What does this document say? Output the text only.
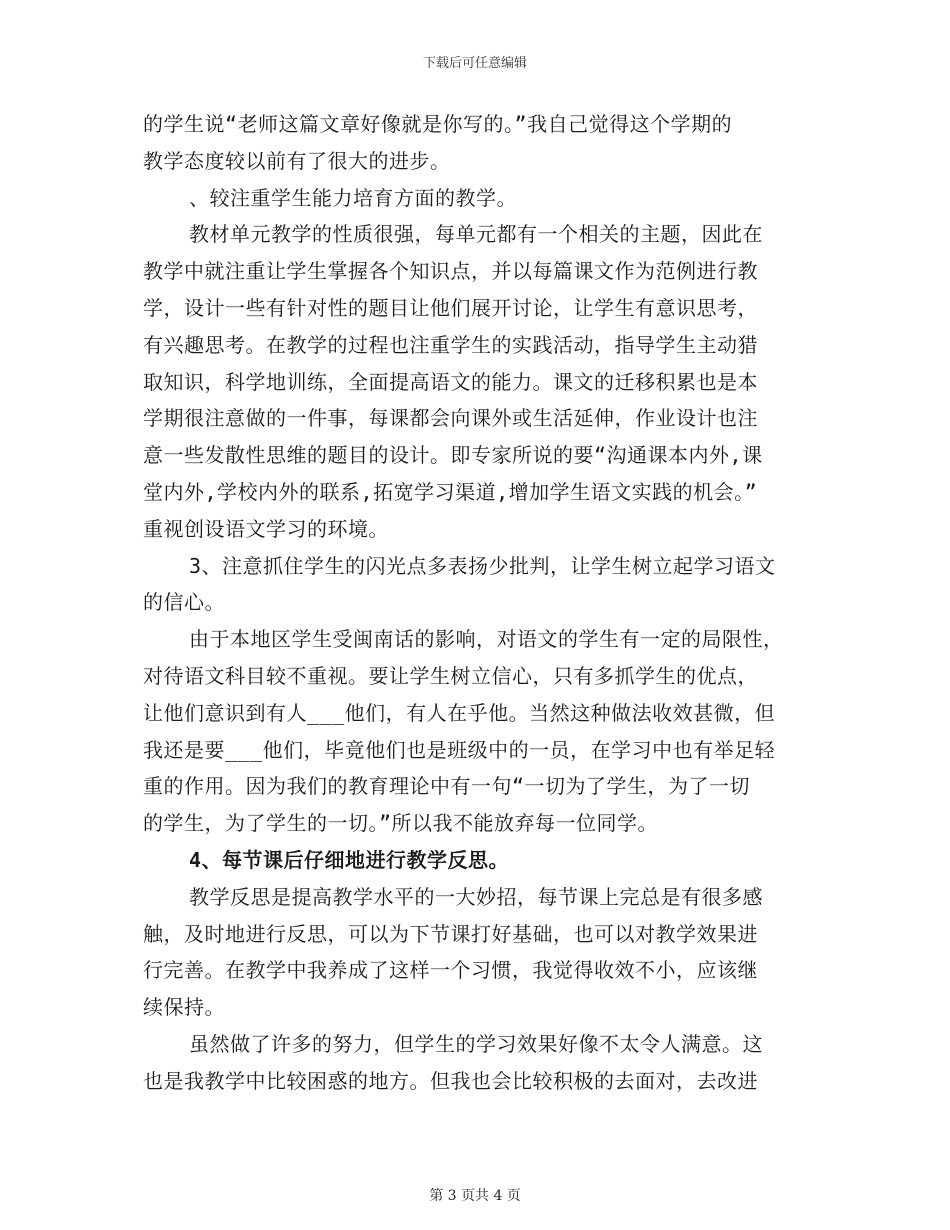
下载后可任意编辑
的学生说“老师这篇文章好像就是你写的。”我自己觉得这个学期的
教学态度较以前有了很大的进步。
、较注重学生能力培育方面的教学。
教材单元教学的性质很强，每单元都有一个相关的主题，因此在
教学中就注重让学生掌握各个知识点，并以每篇课文作为范例进行教
学，设计一些有针对性的题目让他们展开讨论，让学生有意识思考，
有兴趣思考。在教学的过程也注重学生的实践活动，指导学生主动猎
取知识，科学地训练，全面提高语文的能力。课文的迁移积累也是本
学期很注意做的一件事，每课都会向课外或生活延伸，作业设计也注
意一些发散性思维的题目的设计。即专家所说的要“沟通课本内外,课
堂内外,学校内外的联系,拓宽学习渠道,增加学生语文实践的机会。”
重视创设语文学习的环境。
3、注意抓住学生的闪光点多表扬少批判，让学生树立起学习语文
的信心。
由于本地区学生受闽南话的影响，对语文的学生有一定的局限性，
对待语文科目较不重视。要让学生树立信心，只有多抓学生的优点，
让他们意识到有人___他们，有人在乎他。当然这种做法收效甚微，但
我还是要___他们，毕竟他们也是班级中的一员，在学习中也有举足轻
重的作用。因为我们的教育理论中有一句“一切为了学生，为了一切
的学生，为了学生的一切。”所以我不能放弃每一位同学。
4、每节课后仔细地进行教学反思。
教学反思是提高教学水平的一大妙招，每节课上完总是有很多感
触，及时地进行反思，可以为下节课打好基础，也可以对教学效果进
行完善。在教学中我养成了这样一个习惯，我觉得收效不小，应该继
续保持。
虽然做了许多的努力，但学生的学习效果好像不太令人满意。这
也是我教学中比较困惑的地方。但我也会比较积极的去面对，去改进
第 3 页共 4 页
